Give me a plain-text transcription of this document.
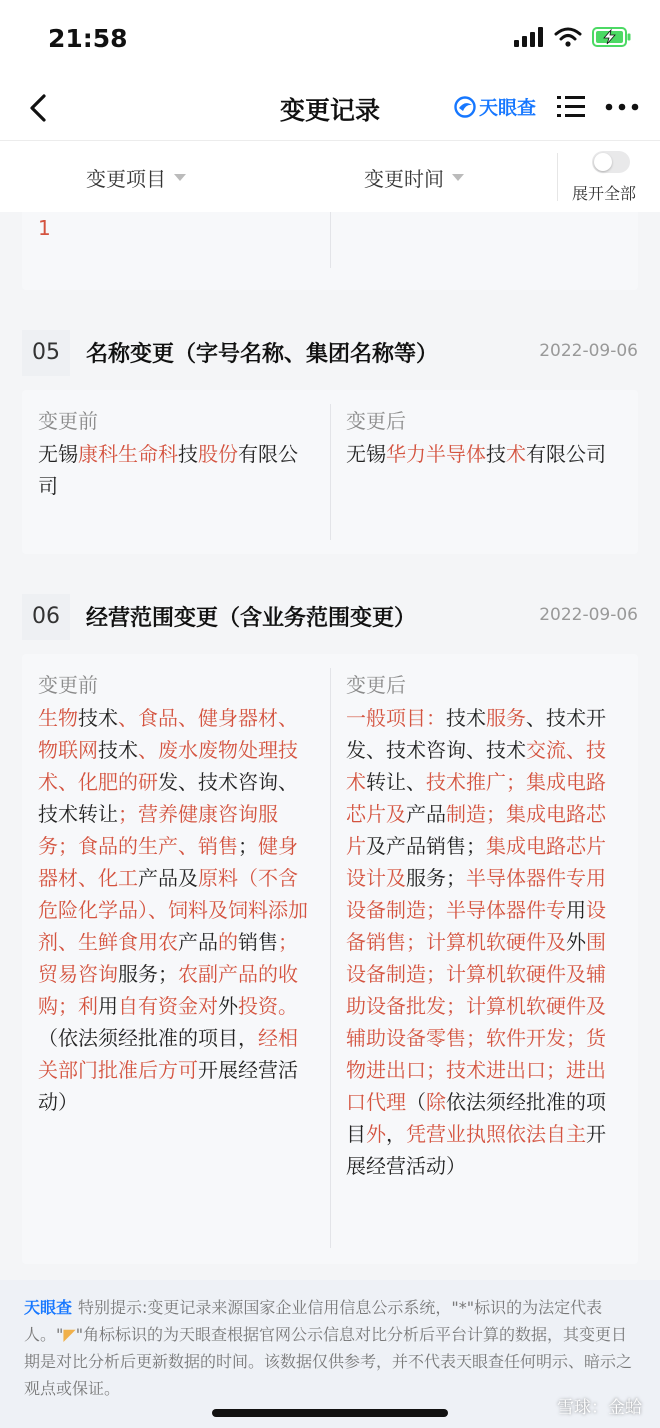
21:58
变更记录	天眼查
变更项目	变更时间
展开全部
1
05	名称变更（字号名称、集团名称等）	2022-09-06
变更前
无锡康科生命科技股份有限公司
变更后
无锡华力半导体技术有限公司
06	经营范围变更（含业务范围变更）	2022-09-06
变更前
生物技术、食品、健身器材、物联网技术、废水废物处理技术、化肥的研发、技术咨询、技术转让；营养健康咨询服务；食品的生产、销售；健身器材、化工产品及原料（不含危险化学品）、饲料及饲料添加剂、生鲜食用农产品的销售；贸易咨询服务；农副产品的收购；利用自有资金对外投资。（依法须经批准的项目，经相关部门批准后方可开展经营活动）
变更后
一般项目：技术服务、技术开发、技术咨询、技术交流、技术转让、技术推广；集成电路芯片及产品制造；集成电路芯片及产品销售；集成电路芯片设计及服务；半导体器件专用设备制造；半导体器件专用设备销售；计算机软硬件及外围设备制造；计算机软硬件及辅助设备批发；计算机软硬件及辅助设备零售；软件开发；货物进出口；技术进出口；进出口代理（除依法须经批准的项目外，凭营业执照依法自主开展经营活动）
天眼查 特别提示:变更记录来源国家企业信用信息公示系统，"*"标识的为法定代表人。"◤"角标标识的为天眼查根据官网公示信息对比分析后平台计算的数据，其变更日期是对比分析后更新数据的时间。该数据仅供参考，并不代表天眼查任何明示、暗示之观点或保证。
雪球：金蛤
